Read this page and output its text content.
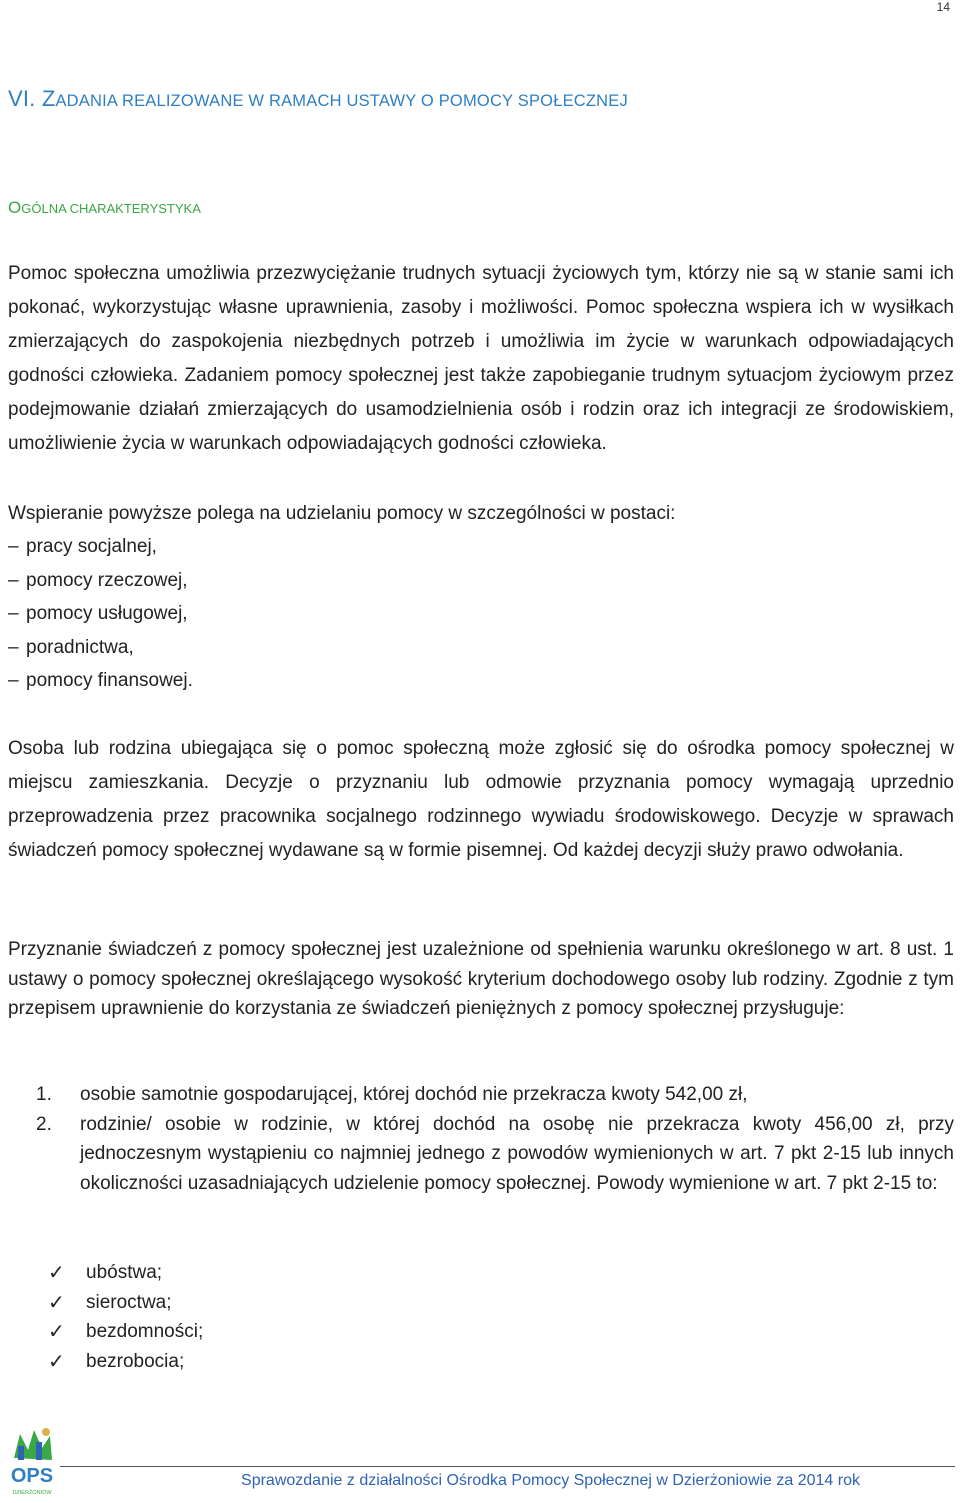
14
VI. ZADANIA REALIZOWANE W RAMACH USTAWY O POMOCY SPOŁECZNEJ
OGÓLNA CHARAKTERYSTYKA

Pomoc społeczna umożliwia przezwyciężanie trudnych sytuacji życiowych tym, którzy nie są w stanie sami ich pokonać, wykorzystując własne uprawnienia, zasoby i możliwości. Pomoc społeczna wspiera ich w wysiłkach zmierzających do zaspokojenia niezbędnych potrzeb i umożliwia im życie w warunkach odpowiadających godności człowieka. Zadaniem pomocy społecznej jest także zapobieganie trudnym sytuacjom życiowym przez podejmowanie działań zmierzających do usamodzielnienia osób i rodzin oraz ich integracji ze środowiskiem, umożliwienie życia w warunkach odpowiadających godności człowieka.

Wspieranie powyższe polega na udzielaniu pomocy w szczególności w postaci:

‒ pracy socjalnej,
‒ pomocy rzeczowej,
‒ pomocy usługowej,
‒ poradnictwa,
‒ pomocy finansowej.

Osoba lub rodzina ubiegająca się o pomoc społeczną może zgłosić się do ośrodka pomocy społecznej w miejscu zamieszkania. Decyzje o przyznaniu lub odmowie przyznania pomocy wymagają uprzednio przeprowadzenia przez pracownika socjalnego rodzinnego wywiadu środowiskowego. Decyzje w sprawach świadczeń pomocy społecznej wydawane są w formie pisemnej. Od każdej decyzji służy prawo odwołania.

Przyznanie świadczeń z pomocy społecznej jest uzależnione od spełnienia warunku określonego w art. 8 ust. 1 ustawy o pomocy społecznej określającego wysokość kryterium dochodowego osoby lub rodziny. Zgodnie z tym przepisem uprawnienie do korzystania ze świadczeń pieniężnych z pomocy społecznej przysługuje:

1. osobie samotnie gospodarującej, której dochód nie przekracza kwoty 542,00 zł,
2. rodzinie/ osobie w rodzinie, w której dochód na osobę nie przekracza kwoty 456,00 zł, przy jednoczesnym wystąpieniu co najmniej jednego z powodów wymienionych w art. 7 pkt 2-15 lub innych okoliczności uzasadniających udzielenie pomocy społecznej. Powody wymienione w art. 7 pkt 2-15 to:
✓ ubóstwa;
✓ sieroctwa;
✓ bezdomności;
✓ bezrobocia;
OPS
DZIERŻONIÓW
Sprawozdanie z działalności Ośrodka Pomocy Społecznej w Dzierżoniowie za 2014 rok
